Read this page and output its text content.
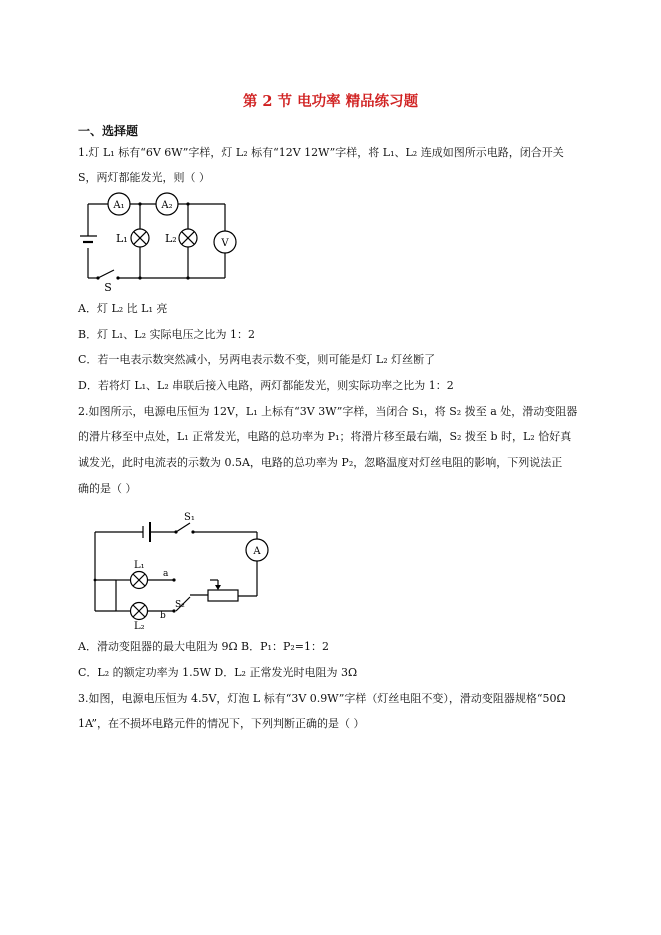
第 2 节 电功率 精品练习题
一、选择题
1.灯 L₁ 标有“6V 6W”字样，灯 L₂ 标有“12V 12W”字样，将 L₁、L₂ 连成如图所示电路，闭合开关
S，两灯都能发光，则（ ）
A₁	A₂
L₁	L₂	V
S
A．灯 L₂ 比 L₁ 亮
B．灯 L₁、L₂ 实际电压之比为 1：2
C．若一电表示数突然减小，另两电表示数不变，则可能是灯 L₂ 灯丝断了
D．若将灯 L₁、L₂ 串联后接入电路，两灯都能发光，则实际功率之比为 1：2
2.如图所示，电源电压恒为 12V，L₁ 上标有“3V 3W”字样，当闭合 S₁，将 S₂ 拨至 a 处，滑动变阻器
的滑片移至中点处，L₁ 正常发光，电路的总功率为 P₁；将滑片移至最右端，S₂ 拨至 b 时，L₂ 恰好真
诚发光，此时电流表的示数为 0.5A，电路的总功率为 P₂，忽略温度对灯丝电阻的影响，下列说法正
确的是（ ）
S₁
A
L₁
L₂
a
b
S₂
A．滑动变阻器的最大电阻为 9Ω B．P₁：P₂=1：2
C．L₂ 的额定功率为 1.5W D．L₂ 正常发光时电阻为 3Ω
3.如图，电源电压恒为 4.5V，灯泡 L 标有“3V 0.9W”字样（灯丝电阻不变），滑动变阻器规格“50Ω
1A”，在不损坏电路元件的情况下，下列判断正确的是（ ）
